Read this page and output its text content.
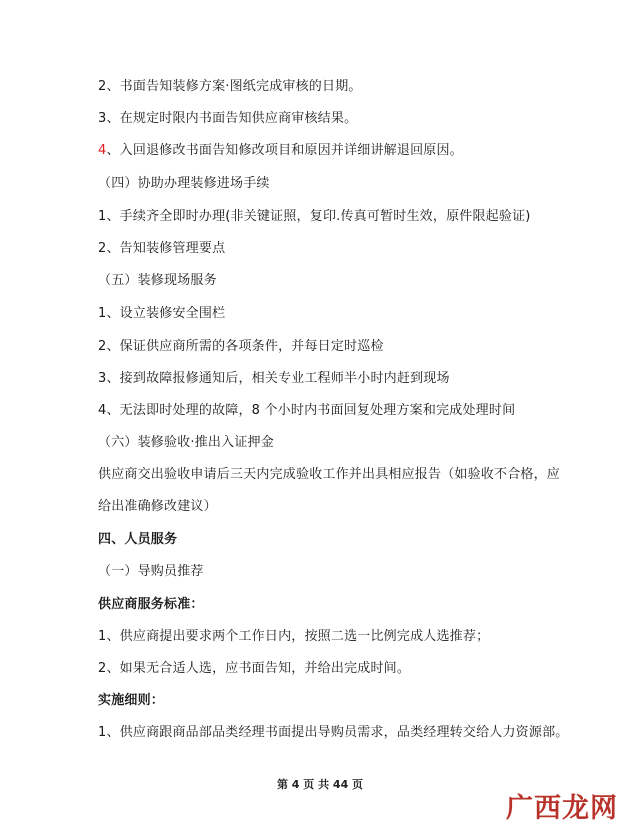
2、书面告知装修方案·图纸完成审核的日期。
3、在规定时限内书面告知供应商审核结果。
4、入回退修改书面告知修改项目和原因并详细讲解退回原因。
（四）协助办理装修进场手续
1、手续齐全即时办理(非关键证照，复印.传真可暂时生效，原件限起验证)
2、告知装修管理要点
（五）装修现场服务
1、设立装修安全围栏
2、保证供应商所需的各项条件，并每日定时巡检
3、接到故障报修通知后，相关专业工程师半小时内赶到现场
4、无法即时处理的故障，8 个小时内书面回复处理方案和完成处理时间
（六）装修验收·推出入证押金
供应商交出验收申请后三天内完成验收工作并出具相应报告（如验收不合格，应
给出准确修改建议）
四、人员服务
（一）导购员推荐
供应商服务标准：
1、供应商提出要求两个工作日内，按照二选一比例完成人选推荐；
2、如果无合适人选，应书面告知，并给出完成时间。
实施细则：
1、供应商跟商品部品类经理书面提出导购员需求，品类经理转交给人力资源部。
第 4 页 共 44 页
广西龙网
